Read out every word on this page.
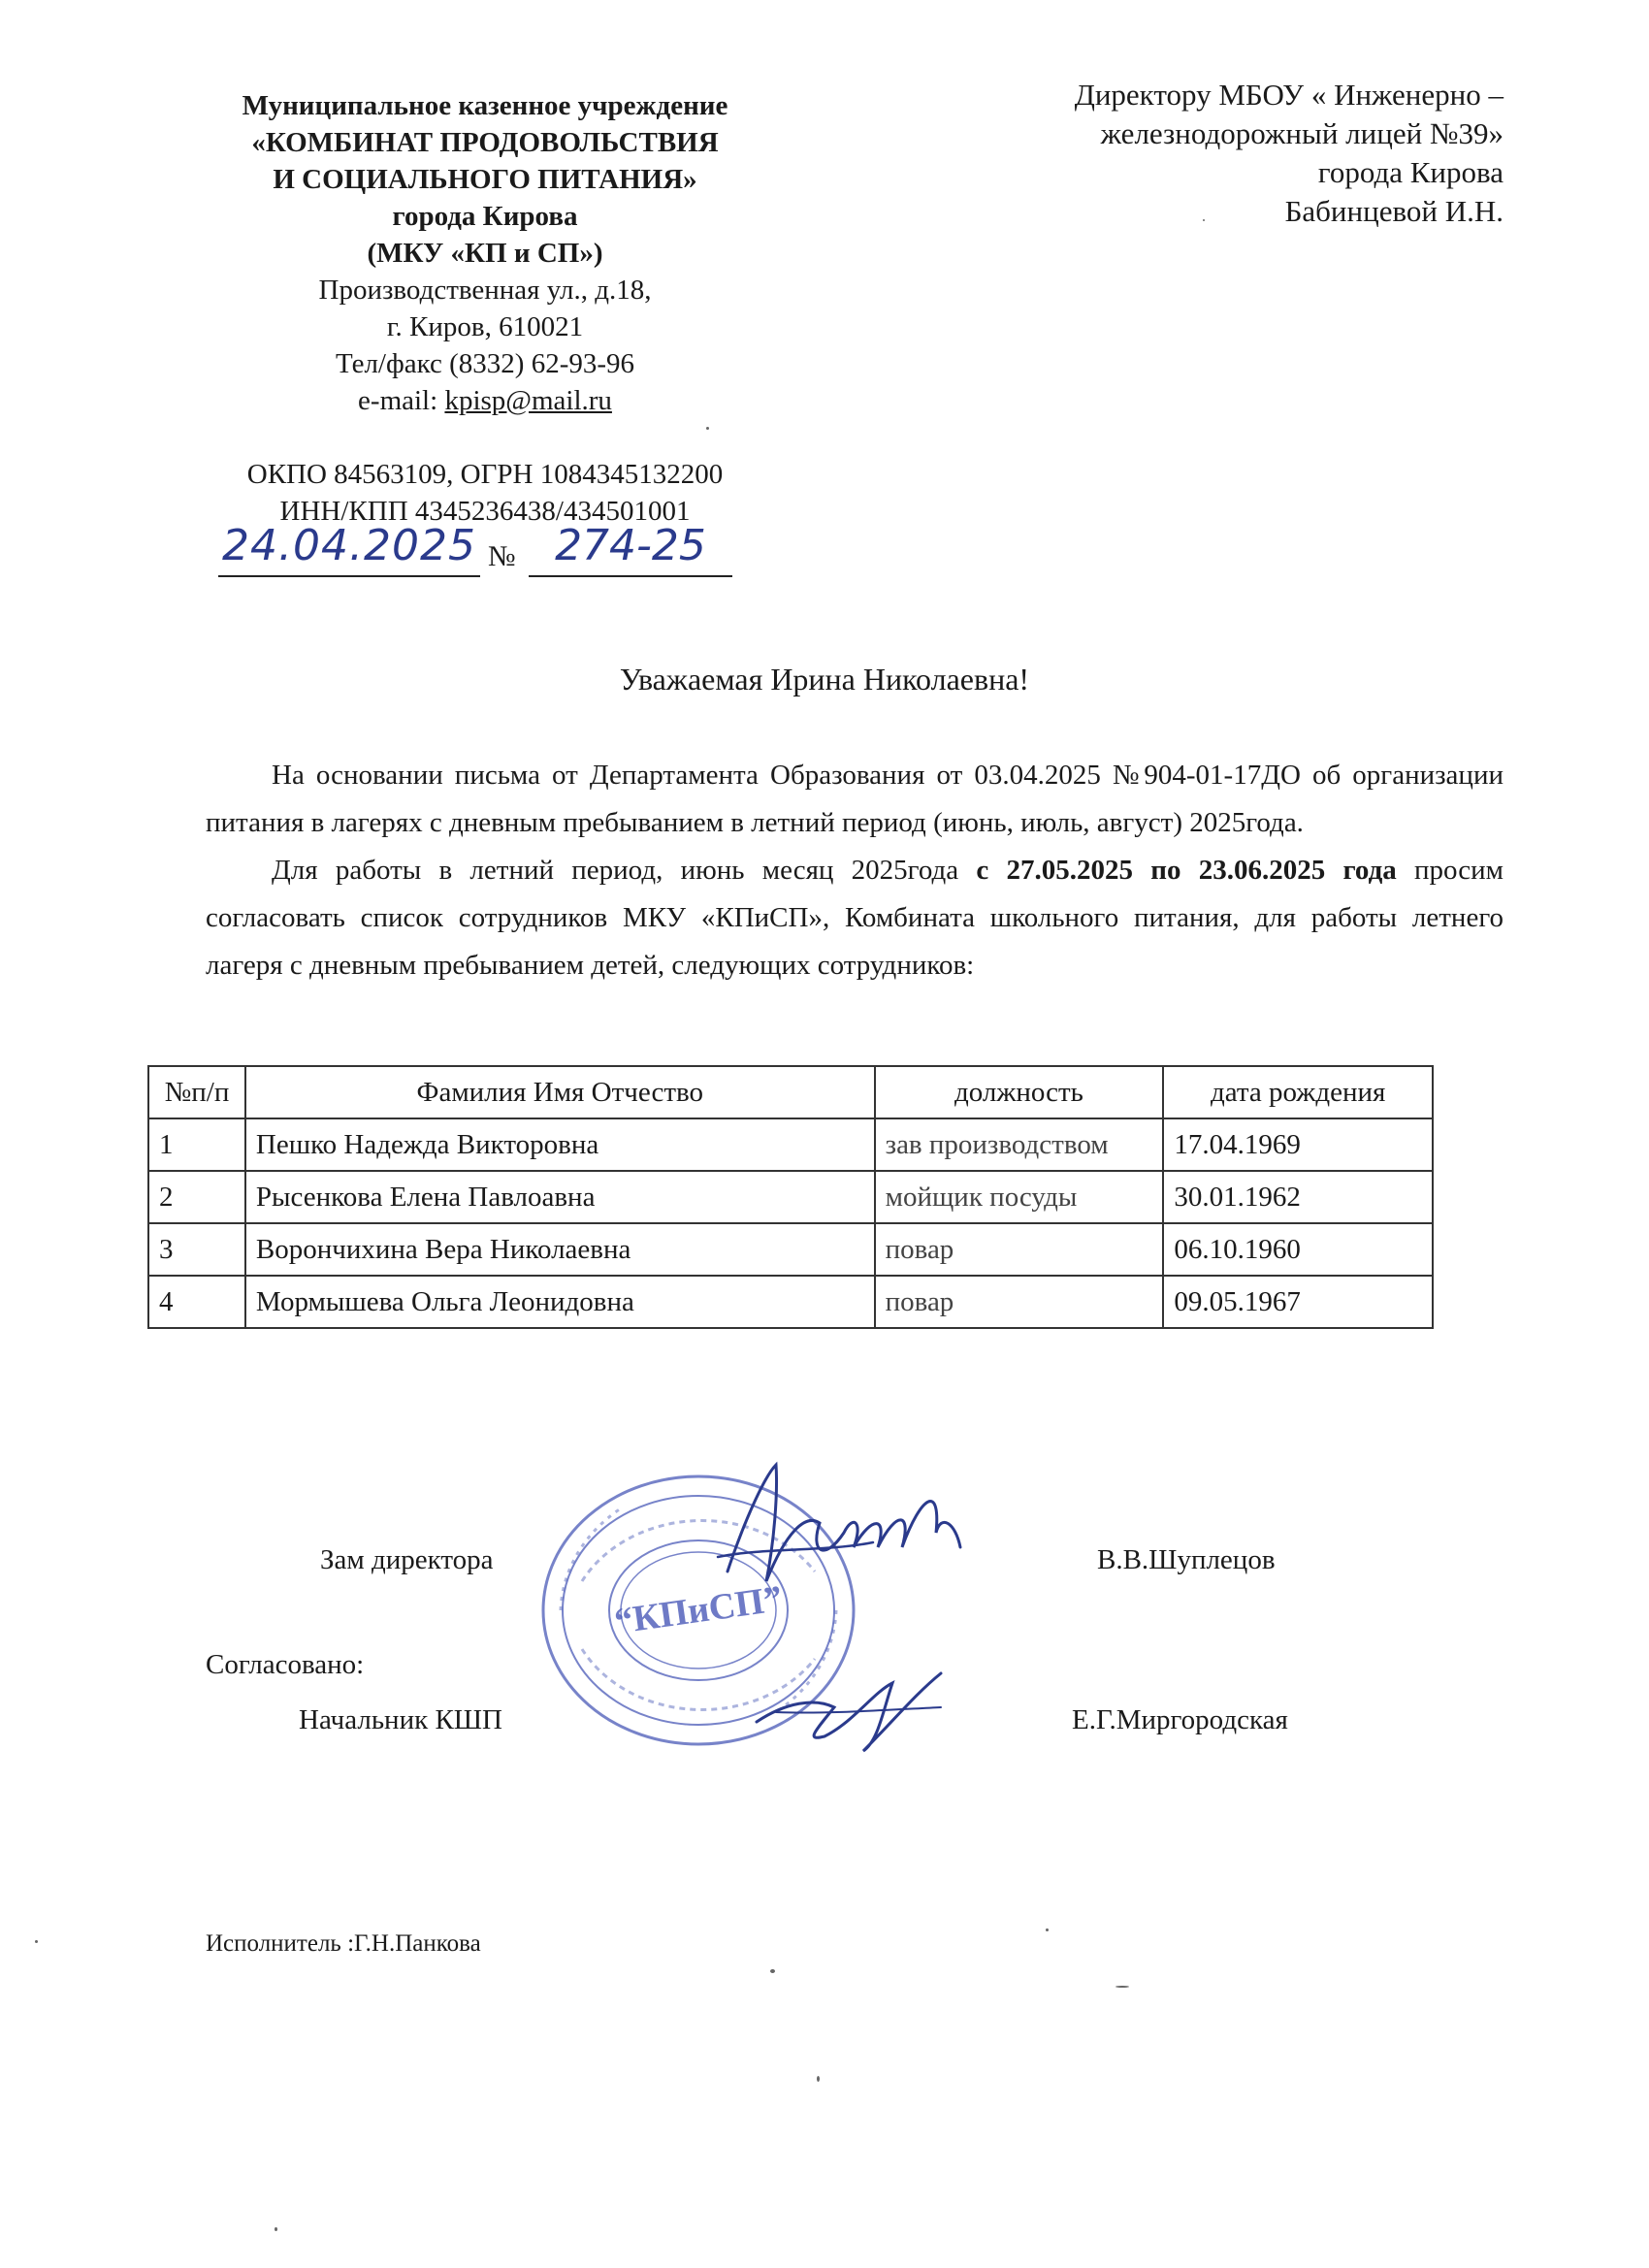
Муниципальное казенное учреждение
«КОМБИНАТ ПРОДОВОЛЬСТВИЯ
И СОЦИАЛЬНОГО ПИТАНИЯ»
города Кирова
(МКУ «КП и СП»)
Производственная ул., д.18,
г. Киров, 610021
Тел/факс (8332) 62-93-96
e-mail: kpisp@mail.ru
ОКПО 84563109, ОГРН 1084345132200
ИНН/КПП 4345236438/434501001
24.04.2025 № 274-25
Директору МБОУ « Инженерно –
железнодорожный лицей №39»
города Кирова
Бабинцевой И.Н.
Уважаемая Ирина Николаевна!

На основании письма от Департамента Образования от 03.04.2025 №904-01-17ДО об организации питания в лагерях с дневным пребыванием в летний период (июнь, июль, август) 2025года.

Для работы в летний период, июнь месяц 2025года с 27.05.2025 по 23.06.2025 года просим согласовать список сотрудников МКУ «КПиСП», Комбината школьного питания, для работы летнего лагеря с дневным пребыванием детей, следующих сотрудников:

№п/п	Фамилия Имя Отчество	должность	дата рождения
1	Пешко Надежда Викторовна	зав производством	17.04.1969
2	Рысенкова Елена Павлоавна	мойщик посуды	30.01.1962
3	Ворончихина Вера Николаевна	повар	06.10.1960
4	Мормышева Ольга Леонидовна	повар	09.05.1967
“КПиСП”
Зам директора	В.В.Шуплецов
Согласовано:
Начальник КШП	Е.Г.Миргородская
Исполнитель :Г.Н.Панкова
